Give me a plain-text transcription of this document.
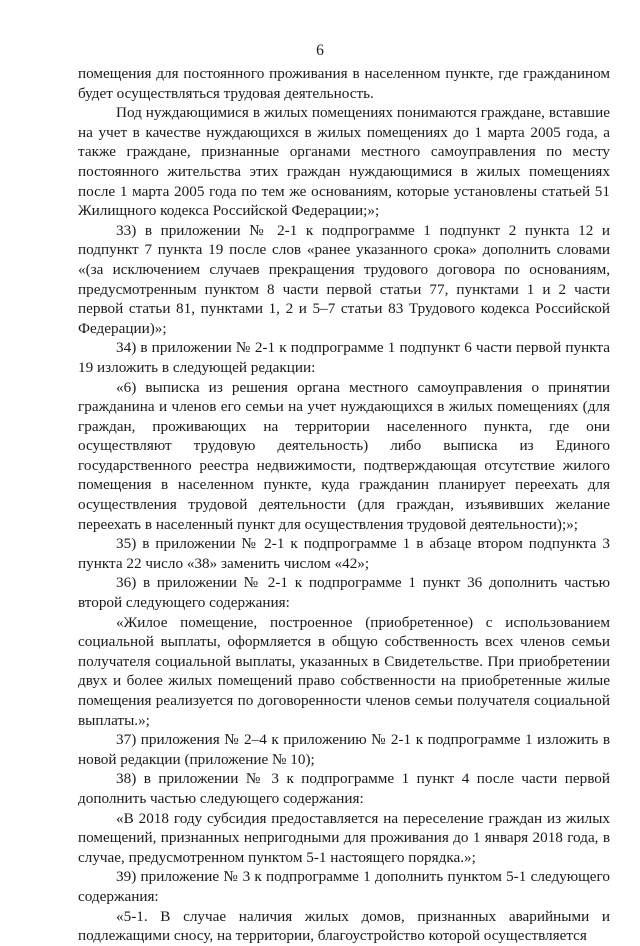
6

помещения для постоянного проживания в населенном пункте, где гражданином будет осуществляться трудовая деятельность.

Под нуждающимися в жилых помещениях понимаются граждане, вставшие на учет в качестве нуждающихся в жилых помещениях до 1 марта 2005 года, а также граждане, признанные органами местного самоуправления по месту постоянного жительства этих граждан нуждающимися в жилых помещениях после 1 марта 2005 года по тем же основаниям, которые установлены статьей 51 Жилищного кодекса Российской Федерации;»;

33) в приложении № 2-1 к подпрограмме 1 подпункт 2 пункта 12 и подпункт 7 пункта 19 после слов «ранее указанного срока» дополнить словами «(за исключением случаев прекращения трудового договора по основаниям, предусмотренным пунктом 8 части первой статьи 77, пунктами 1 и 2 части первой статьи 81, пунктами 1, 2 и 5–7 статьи 83 Трудового кодекса Российской Федерации)»;

34) в приложении № 2-1 к подпрограмме 1 подпункт 6 части первой пункта 19 изложить в следующей редакции:

«6) выписка из решения органа местного самоуправления о принятии гражданина и членов его семьи на учет нуждающихся в жилых помещениях (для граждан, проживающих на территории населенного пункта, где они осуществляют трудовую деятельность) либо выписка из Единого государственного реестра недвижимости, подтверждающая отсутствие жилого помещения в населенном пункте, куда гражданин планирует переехать для осуществления трудовой деятельности (для граждан, изъявивших желание переехать в населенный пункт для осуществления трудовой деятельности);»;

35) в приложении № 2-1 к подпрограмме 1 в абзаце втором подпункта 3 пункта 22 число «38» заменить числом «42»;

36) в приложении № 2-1 к подпрограмме 1 пункт 36 дополнить частью второй следующего содержания:

«Жилое помещение, построенное (приобретенное) с использованием социальной выплаты, оформляется в общую собственность всех членов семьи получателя социальной выплаты, указанных в Свидетельстве. При приобретении двух и более жилых помещений право собственности на приобретенные жилые помещения реализуется по договоренности членов семьи получателя социальной выплаты.»;

37) приложения № 2–4 к приложению № 2-1 к подпрограмме 1 изложить в новой редакции (приложение № 10);

38) в приложении № 3 к подпрограмме 1 пункт 4 после части первой дополнить частью следующего содержания:

«В 2018 году субсидия предоставляется на переселение граждан из жилых помещений, признанных непригодными для проживания до 1 января 2018 года, в случае, предусмотренном пунктом 5-1 настоящего порядка.»;

39) приложение № 3 к подпрограмме 1 дополнить пунктом 5-1 следующего содержания:

«5-1. В случае наличия жилых домов, признанных аварийными и подлежащими сносу, на территории, благоустройство которой осуществляется
